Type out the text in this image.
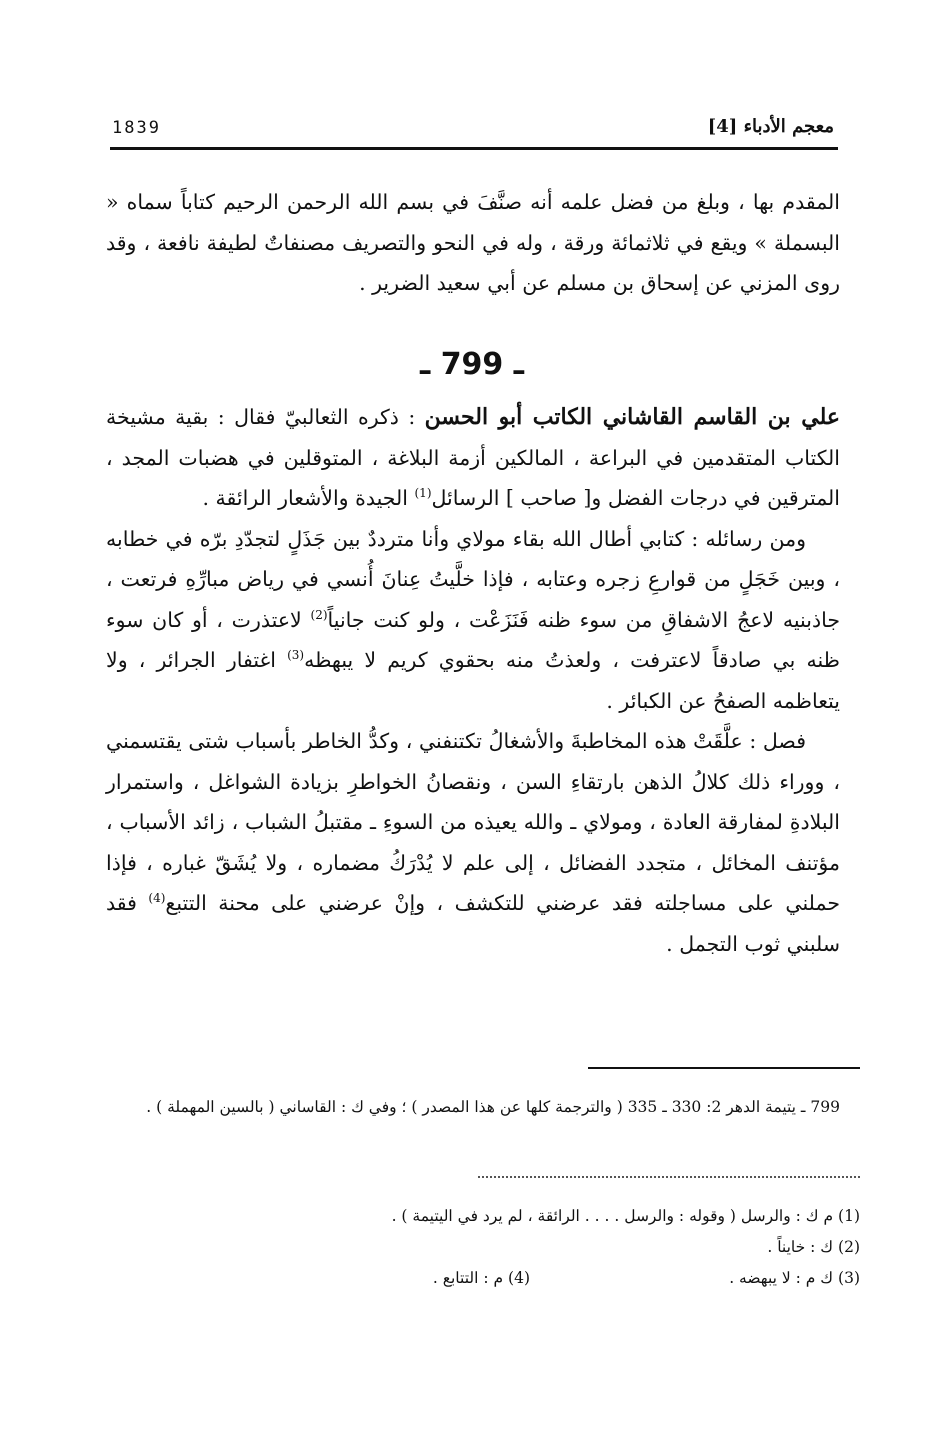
1839	معجم الأدباء [4]

المقدم بها ، وبلغ من فضل علمه أنه صنَّفَ في بسم الله الرحمن الرحيم كتاباً سماه « البسملة » ويقع في ثلاثمائة ورقة ، وله في النحو والتصريف مصنفاتٌ لطيفة نافعة ، وقد روى المزني عن إسحاق بن مسلم عن أبي سعيد الضرير .

ـ 799 ـ

علي بن القاسم القاشاني الكاتب أبو الحسن : ذكره الثعالبيّ فقال : بقية مشيخة الكتاب المتقدمين في البراعة ، المالكين أزمة البلاغة ، المتوقلين في هضبات المجد ، المترقين في درجات الفضل و[ صاحب ] الرسائل$^{(1)}$ الجيدة والأشعار الرائقة .

ومن رسائله : كتابي أطال الله بقاء مولاي وأنا مترددٌ بين جَذَلٍ لتجدّدِ برّه في خطابه ، وبين خَجَلٍ من قوارعِ زجره وعتابه ، فإذا خلَّيتُ عِنانَ أُنسي في رياض مبارِّهِ فرتعت ، جاذبنيه لاعجُ الاشفاقِ من سوء ظنه فَنَزَعْت ، ولو كنت جانياً$^{(2)}$ لاعتذرت ، أو كان سوء ظنه بي صادقاً لاعترفت ، ولعذتُ منه بحقوي كريم لا يبهظه$^{(3)}$ اغتفار الجرائر ، ولا يتعاظمه الصفحُ عن الكبائر .

فصل : علَّقَتْ هذه المخاطبةَ والأشغالُ تكتنفني ، وكدُّ الخاطر بأسباب شتى يقتسمني ، ووراء ذلك كلالُ الذهن بارتقاءِ السن ، ونقصانُ الخواطرِ بزيادة الشواغل ، واستمرار البلادةِ لمفارقة العادة ، ومولاي ـ والله يعيذه من السوءِ ـ مقتبلُ الشباب ، زائد الأسباب ، مؤتنف المخائل ، متجدد الفضائل ، إلى علم لا يُدْرَكُ مضماره ، ولا يُشَقّ غباره ، فإذا حملني على مساجلته فقد عرضني للتكشف ، وإنْ عرضني على محنة التتبع$^{(4)}$ فقد سلبني ثوب التجمل .

799 ـ يتيمة الدهر 2: 330 ـ 335 ( والترجمة كلها عن هذا المصدر ) ؛ وفي ك : القاساني ( بالسين المهملة ) .
(1) م ك : والرسل ( وقوله : والرسل . . . . الرائقة ، لم يرد في اليتيمة ) .
(2) ك : خايناً .
(3) ك م : لا يبهضه .
(4) م : التتابع .
